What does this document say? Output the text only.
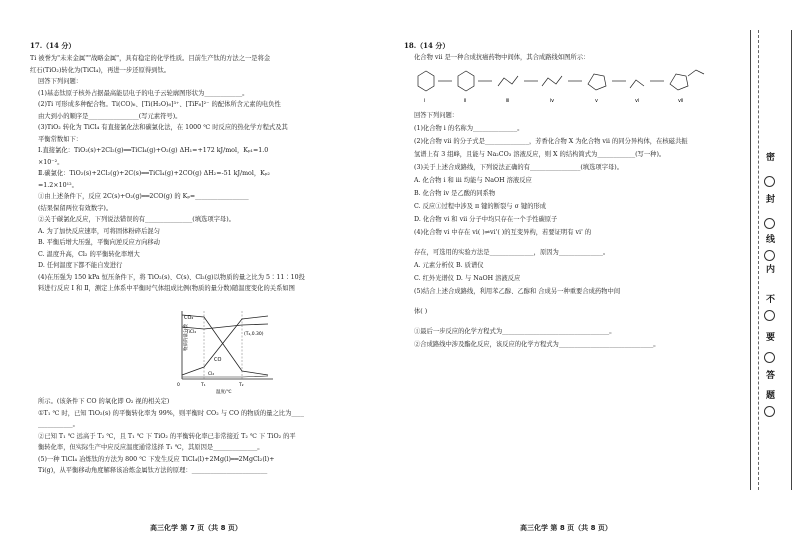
17.（14 分）
Ti 被誉为"未来金属""战略金属"，具有稳定的化学性质。目前生产钛的方法之一是将金
红石(TiO₂)转化为(TiCl₄)，再进一步还原得到钛。
回答下列问题：
(1)基态钛原子核外占据最高能层电子的电子云轮廓图形状为____________。
(2)Ti 可形成多种配合物。Ti(CO)₆、[Ti(H₂O)₆]³⁺、[TiF₆]²⁻ 的配体所含元素的电负性
由大到小的顺序是________________(写元素符号)。
(3)TiO₂ 转化为 TiCl₄ 有直接氯化法和碳氯化法，在 1000 ℃ 时反应的热化学方程式及其
平衡常数如下：
Ⅰ.直接氯化：TiO₂(s)+2Cl₂(g)══TiCl₄(g)+O₂(g) ΔH₁=+172 kJ/mol，Kₚ₁=1.0
×10⁻²。
Ⅱ.碳氯化：TiO₂(s)+2Cl₂(g)+2C(s)══TiCl₄(g)+2CO(g) ΔH₂=-51 kJ/mol，Kₚ₂
=1.2×10¹²。
①由上述条件下，反应 2C(s)+O₂(g)══2CO(g) 的 Kₚ=_________________
(结果保留两位有效数字)。
②关于碳氯化反应，下列说法错误的有_______________(填选项字母)。
A. 为了加快反应速率，可将固体粉碎后混匀
B. 平衡后增大压强，平衡向逆反应方向移动
C. 温度升高，Cl₂ 的平衡转化率增大
D. 任何温度下都不能自发进行
(4)在压强为 150 kPa 恒压条件下，将 TiO₂(s)、C(s)、Cl₂(g)以物质的量之比为 5∶11∶10投
料进行反应 Ⅰ 和 Ⅱ，测定上体系中平衡时气体组成比例(物质的量分数)随温度变化的关系如图
所示。(该条件下 CO 的氧化即 O₂ 视的相关定)
①T₁ ℃ 时，已知 TiO₂(s) 的平衡转化率为 99%，则平衡时 CO₂ 与 CO 的物质的量之比为____
___________。
②已知 T₁ ℃ 远高于 T₂ ℃，且 T₁ ℃ 下 TiO₂ 的平衡转化率已非常接近 T₂ ℃ 下 TiO₂ 的平
衡转化率，但实际生产中应反应温度通常选择 T₁ ℃，其原因是______________。
(5)一种 TiCl₄ 冶炼钛的方法为 800 ℃ 下发生反应 TiCl₄(l)+2Mg(l)══2MgCl₂(l)+
Ti(g)，从平衡移动角度解释该冶炼金属钛方法的原理：________________________
物质的量分数
CO₂
TiCl₄
CO
Cl₂
(T₂,0.30)
0	T₁	T₂
温度/℃
高三化学 第 7 页（共 8 页）
18.（14 分）
化合物 vii 是一种合成抗癌药物中间体，其合成路线如图所示：
ⅰ	ⅱ	ⅲ	ⅳ	ⅴ	ⅵ	ⅶ
回答下列问题：
(1)化合物 ⅰ 的名称为______________。
(2)化合物 ⅶ 的分子式是______________，芳香化合物 X 为化合物 ⅶ 的同分异构体，在核磁共振
氢谱上有 3 组峰，且能与 Na₂CO₃ 溶液反应，则 X 的结构简式为____________(写一种)。
(3)关于上述合成路线，下列说法正确的有________________(填选项字母)。
A. 化合物 ⅰ 和 ⅲ 均能与 NaOH 溶液反应
B. 化合物 ⅳ 是乙酸的同系物
C. 反应①过程中涉及 π 键的断裂与 σ 键的形成
D. 化合物 ⅵ 和 ⅶ 分子中均只存在一个手性碳原子
(4)化合物 ⅵ 中存在 ⅵ( )⇌ⅵ'( )的互变异构，若要证明有 ⅵ' 的
存在，可选用的实验方法是______________，原因为______________。
A. 元素分析仪 B. 质谱仪
C. 红外光谱仪 D. 与 NaOH 溶液反应
(5)结合上述合成路线，利用苯乙醇、乙醇和 合成另一种重要合成药物中间
体( )
①最后一步反应的化学方程式为__________________________________。
②合成路线中涉及酯化反应，该反应的化学方程式为______________________________。
高三化学 第 8 页（共 8 页）
密
封
线
内
不
要
答
题
